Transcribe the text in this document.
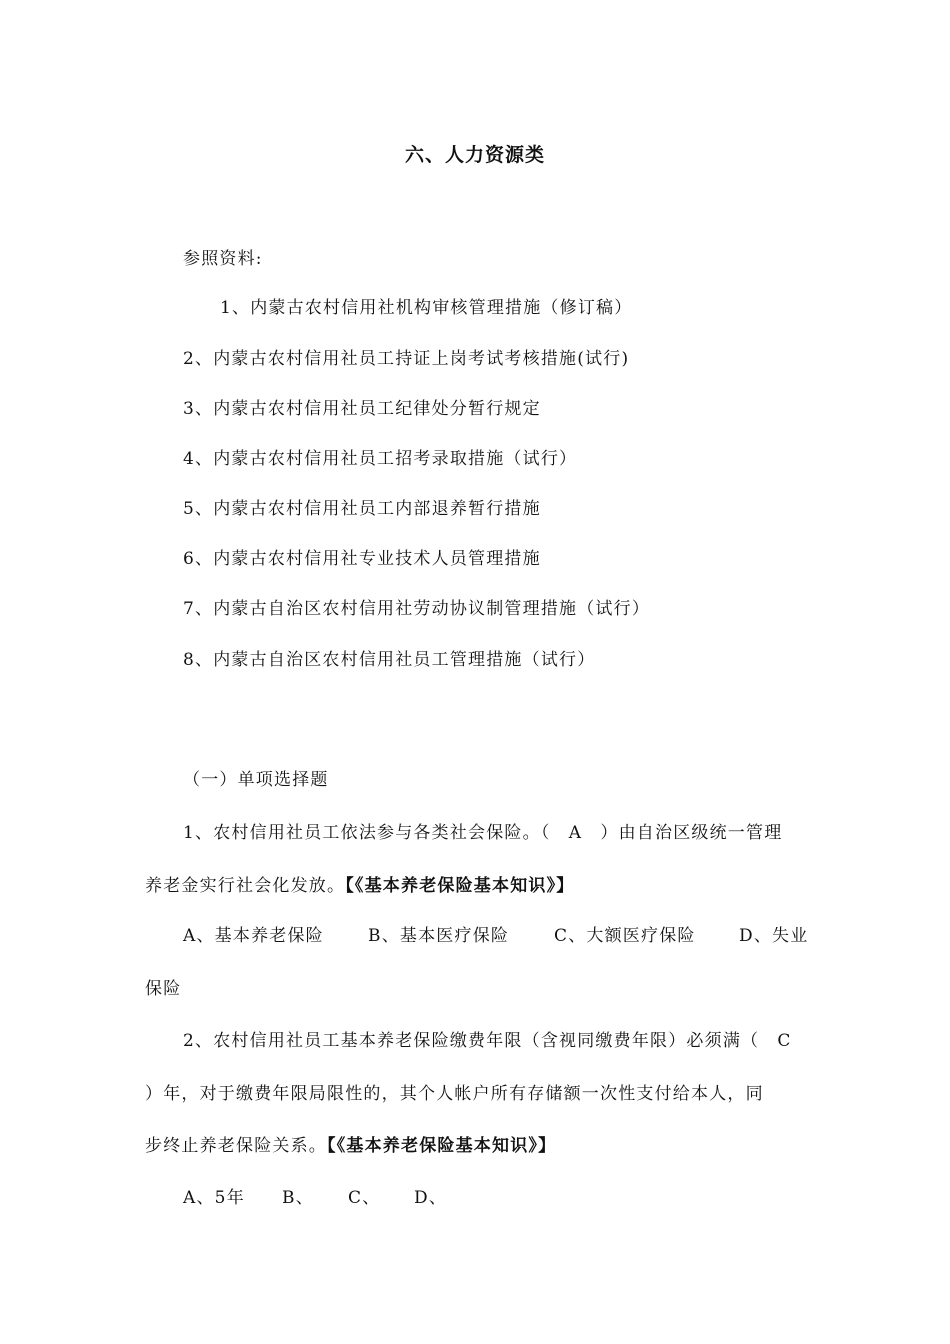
六、人力资源类
参照资料:
1、内蒙古农村信用社机构审核管理措施（修订稿）
2、内蒙古农村信用社员工持证上岗考试考核措施(试行)
3、内蒙古农村信用社员工纪律处分暂行规定
4、内蒙古农村信用社员工招考录取措施（试行）
5、内蒙古农村信用社员工内部退养暂行措施
6、内蒙古农村信用社专业技术人员管理措施
7、内蒙古自治区农村信用社劳动协议制管理措施（试行）
8、内蒙古自治区农村信用社员工管理措施（试行）
（一）单项选择题
1、农村信用社员工依法参与各类社会保险。（　A　）由自治区级统一管理
养老金实行社会化发放。【《基本养老保险基本知识》】
A、基本养老保险	B、基本医疗保险	C、大额医疗保险	D、失业
保险
2、农村信用社员工基本养老保险缴费年限（含视同缴费年限）必须满（　C
）年，对于缴费年限局限性的，其个人帐户所有存储额一次性支付给本人，同
步终止养老保险关系。【《基本养老保险基本知识》】
A、5年	B、	C、	D、
